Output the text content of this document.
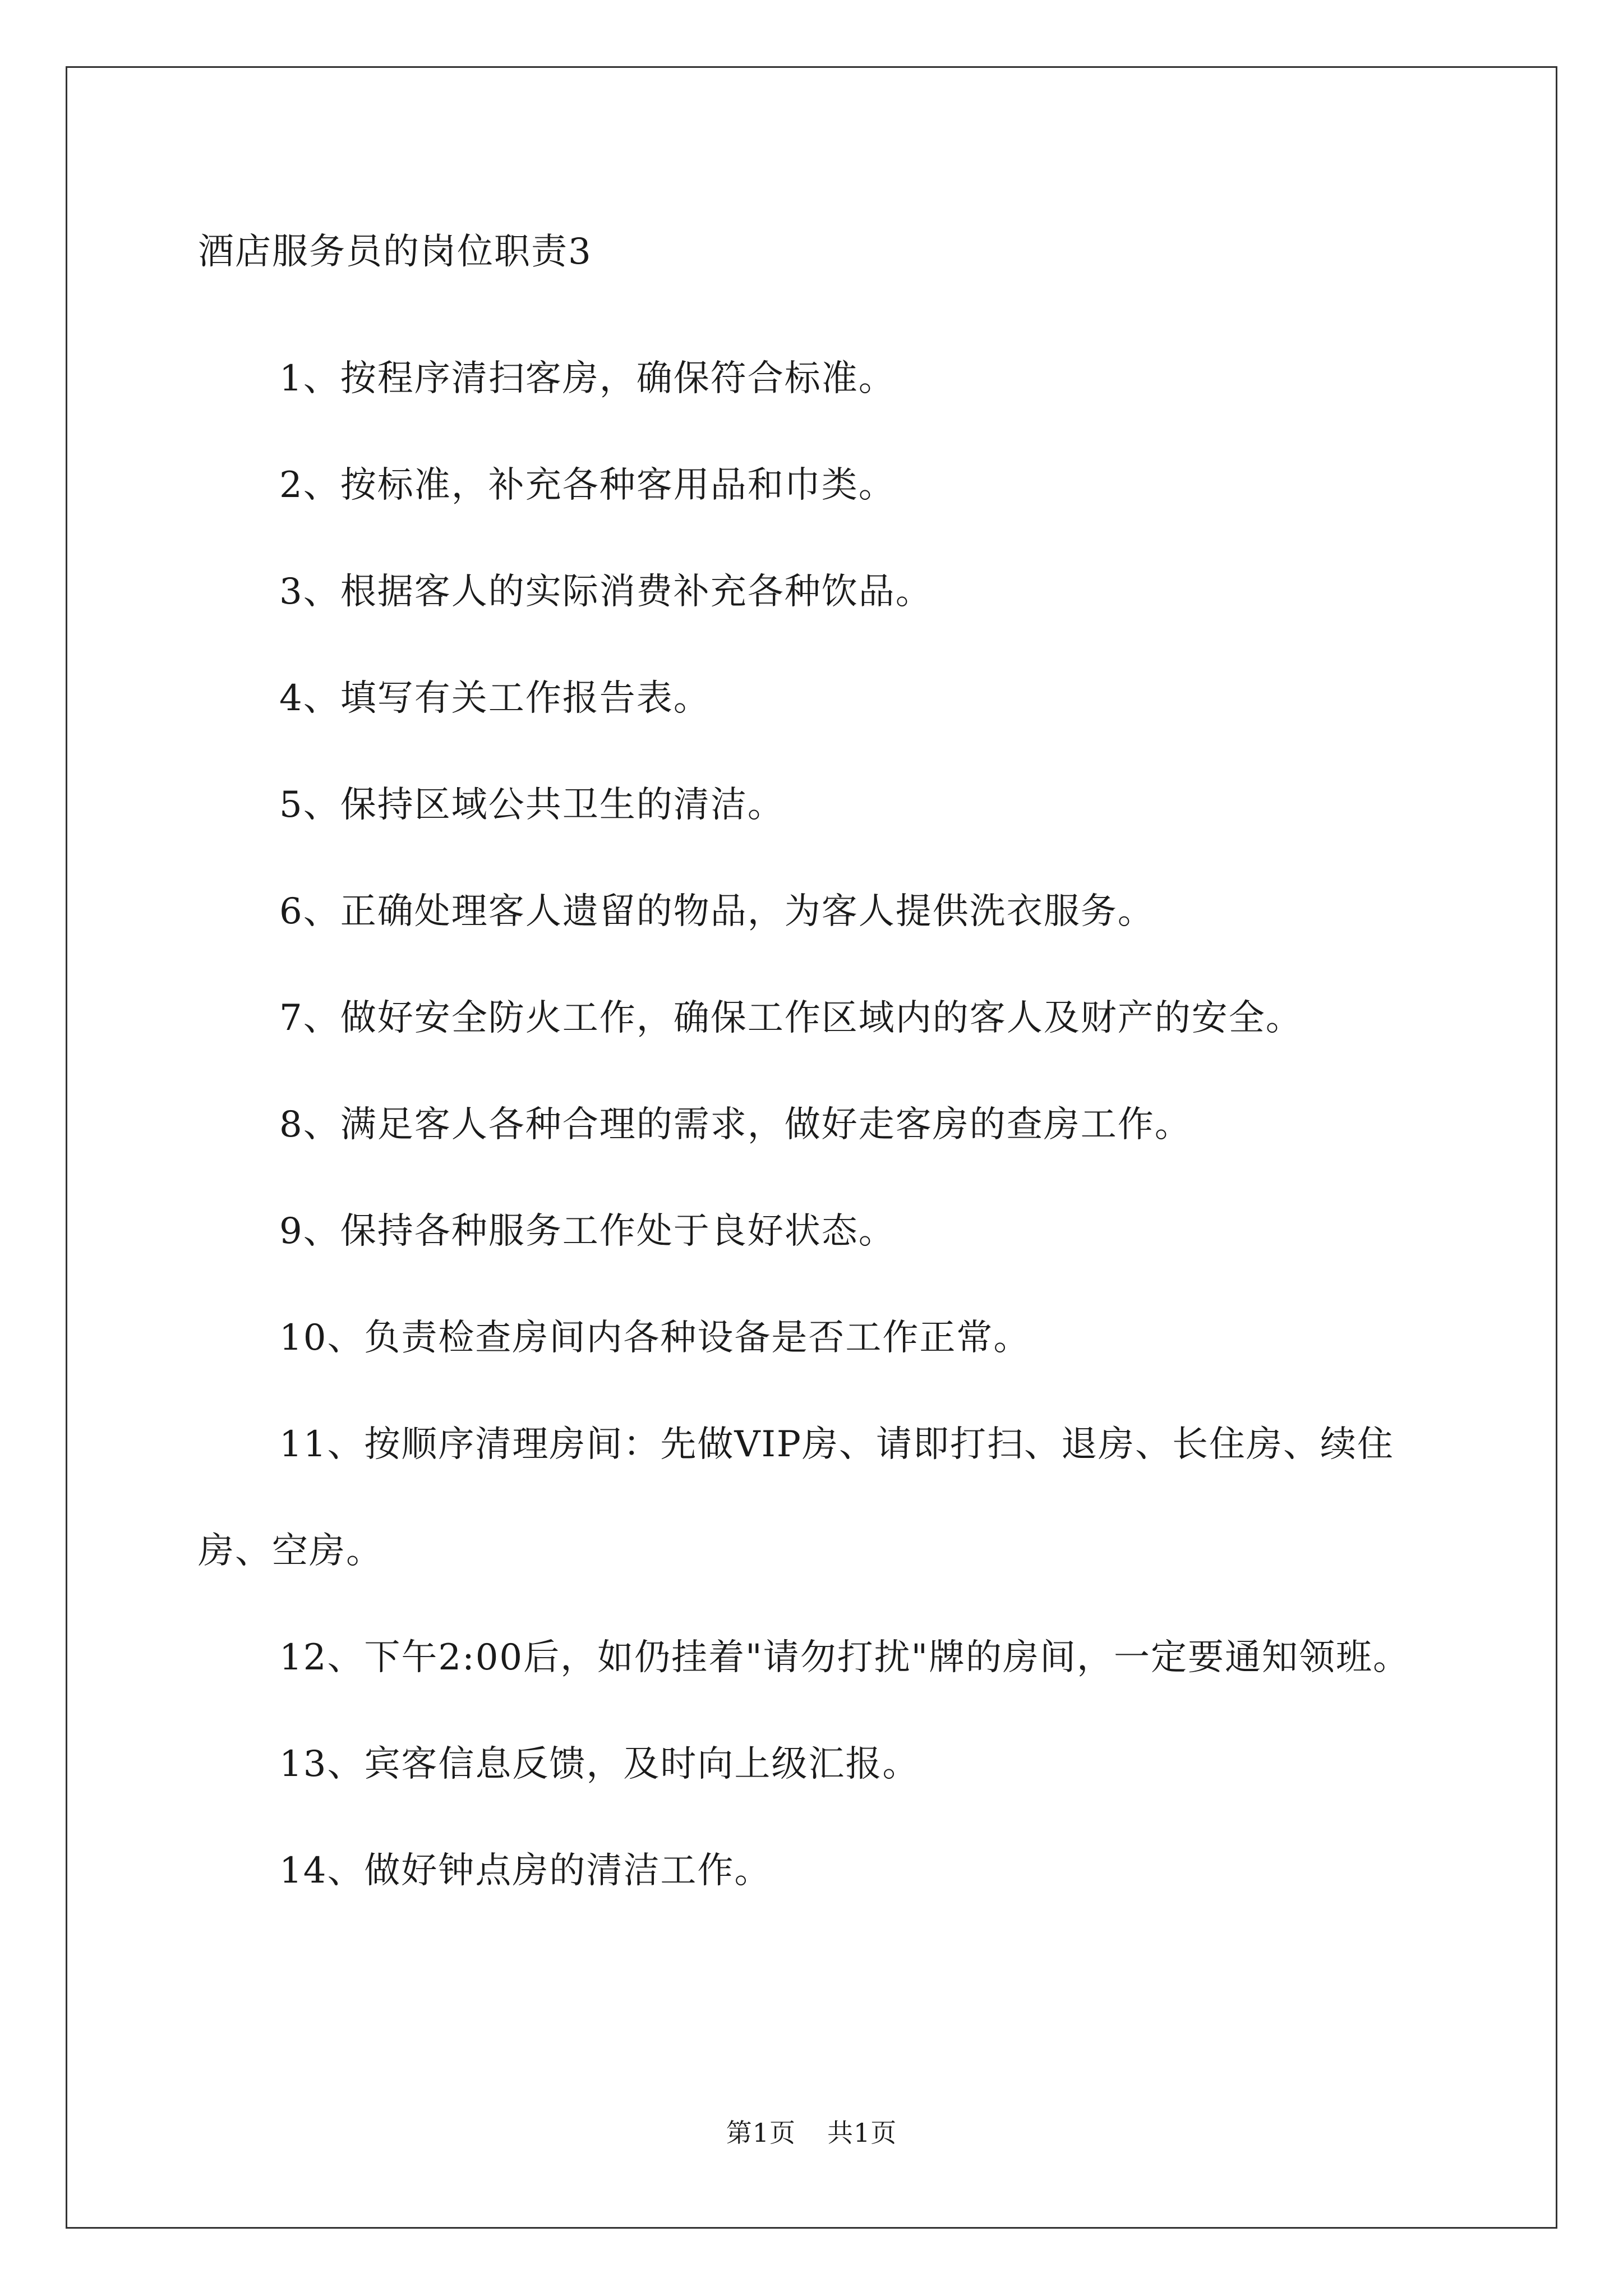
酒店服务员的岗位职责3

1、按程序清扫客房，确保符合标准。

2、按标准，补充各种客用品和巾类。

3、根据客人的实际消费补充各种饮品。

4、填写有关工作报告表。

5、保持区域公共卫生的清洁。

6、正确处理客人遗留的物品，为客人提供洗衣服务。

7、做好安全防火工作，确保工作区域内的客人及财产的安全。

8、满足客人各种合理的需求，做好走客房的查房工作。

9、保持各种服务工作处于良好状态。

10、负责检查房间内各种设备是否工作正常。

11、按顺序清理房间：先做VIP房、请即打扫、退房、长住房、续住房、空房。

12、下午2:00后，如仍挂着"请勿打扰"牌的房间，一定要通知领班。

13、宾客信息反馈，及时向上级汇报。

14、做好钟点房的清洁工作。

第1页 共1页
